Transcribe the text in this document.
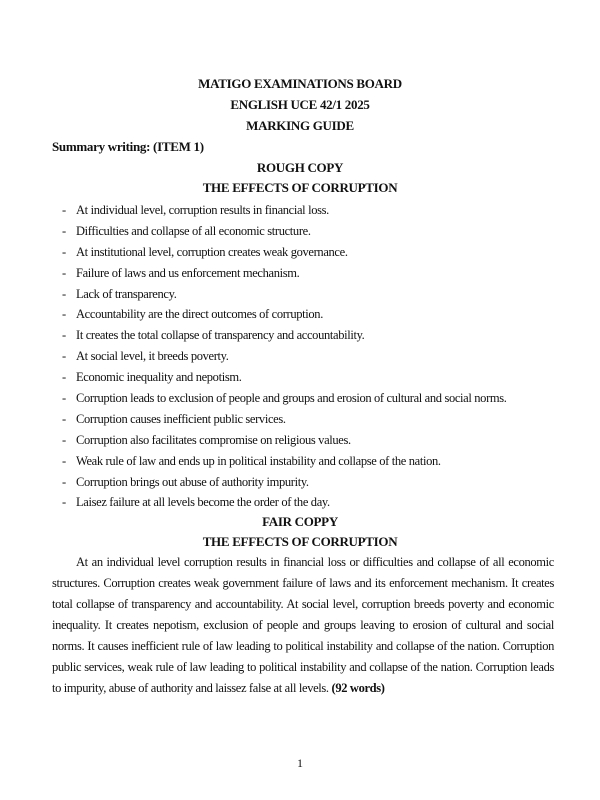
MATIGO EXAMINATIONS BOARD
ENGLISH UCE 42/1 2025
MARKING GUIDE
Summary writing: (ITEM 1)
ROUGH COPY
THE EFFECTS OF CORRUPTION
- At individual level, corruption results in financial loss.
- Difficulties and collapse of all economic structure.
- At institutional level, corruption creates weak governance.
- Failure of laws and us enforcement mechanism.
- Lack of transparency.
- Accountability are the direct outcomes of corruption.
- It creates the total collapse of transparency and accountability.
- At social level, it breeds poverty.
- Economic inequality and nepotism.
- Corruption leads to exclusion of people and groups and erosion of cultural and social norms.
- Corruption causes inefficient public services.
- Corruption also facilitates compromise on religious values.
- Weak rule of law and ends up in political instability and collapse of the nation.
- Corruption brings out abuse of authority impurity.
- Laisez failure at all levels become the order of the day.
FAIR COPPY
THE EFFECTS OF CORRUPTION

At an individual level corruption results in financial loss or difficulties and collapse of all economic structures. Corruption creates weak government failure of laws and its enforcement mechanism. It creates total collapse of transparency and accountability. At social level, corruption breeds poverty and economic inequality. It creates nepotism, exclusion of people and groups leaving to erosion of cultural and social norms. It causes inefficient rule of law leading to political instability and collapse of the nation. Corruption public services, weak rule of law leading to political instability and collapse of the nation. Corruption leads to impurity, abuse of authority and laissez false at all levels. (92 words)

1
